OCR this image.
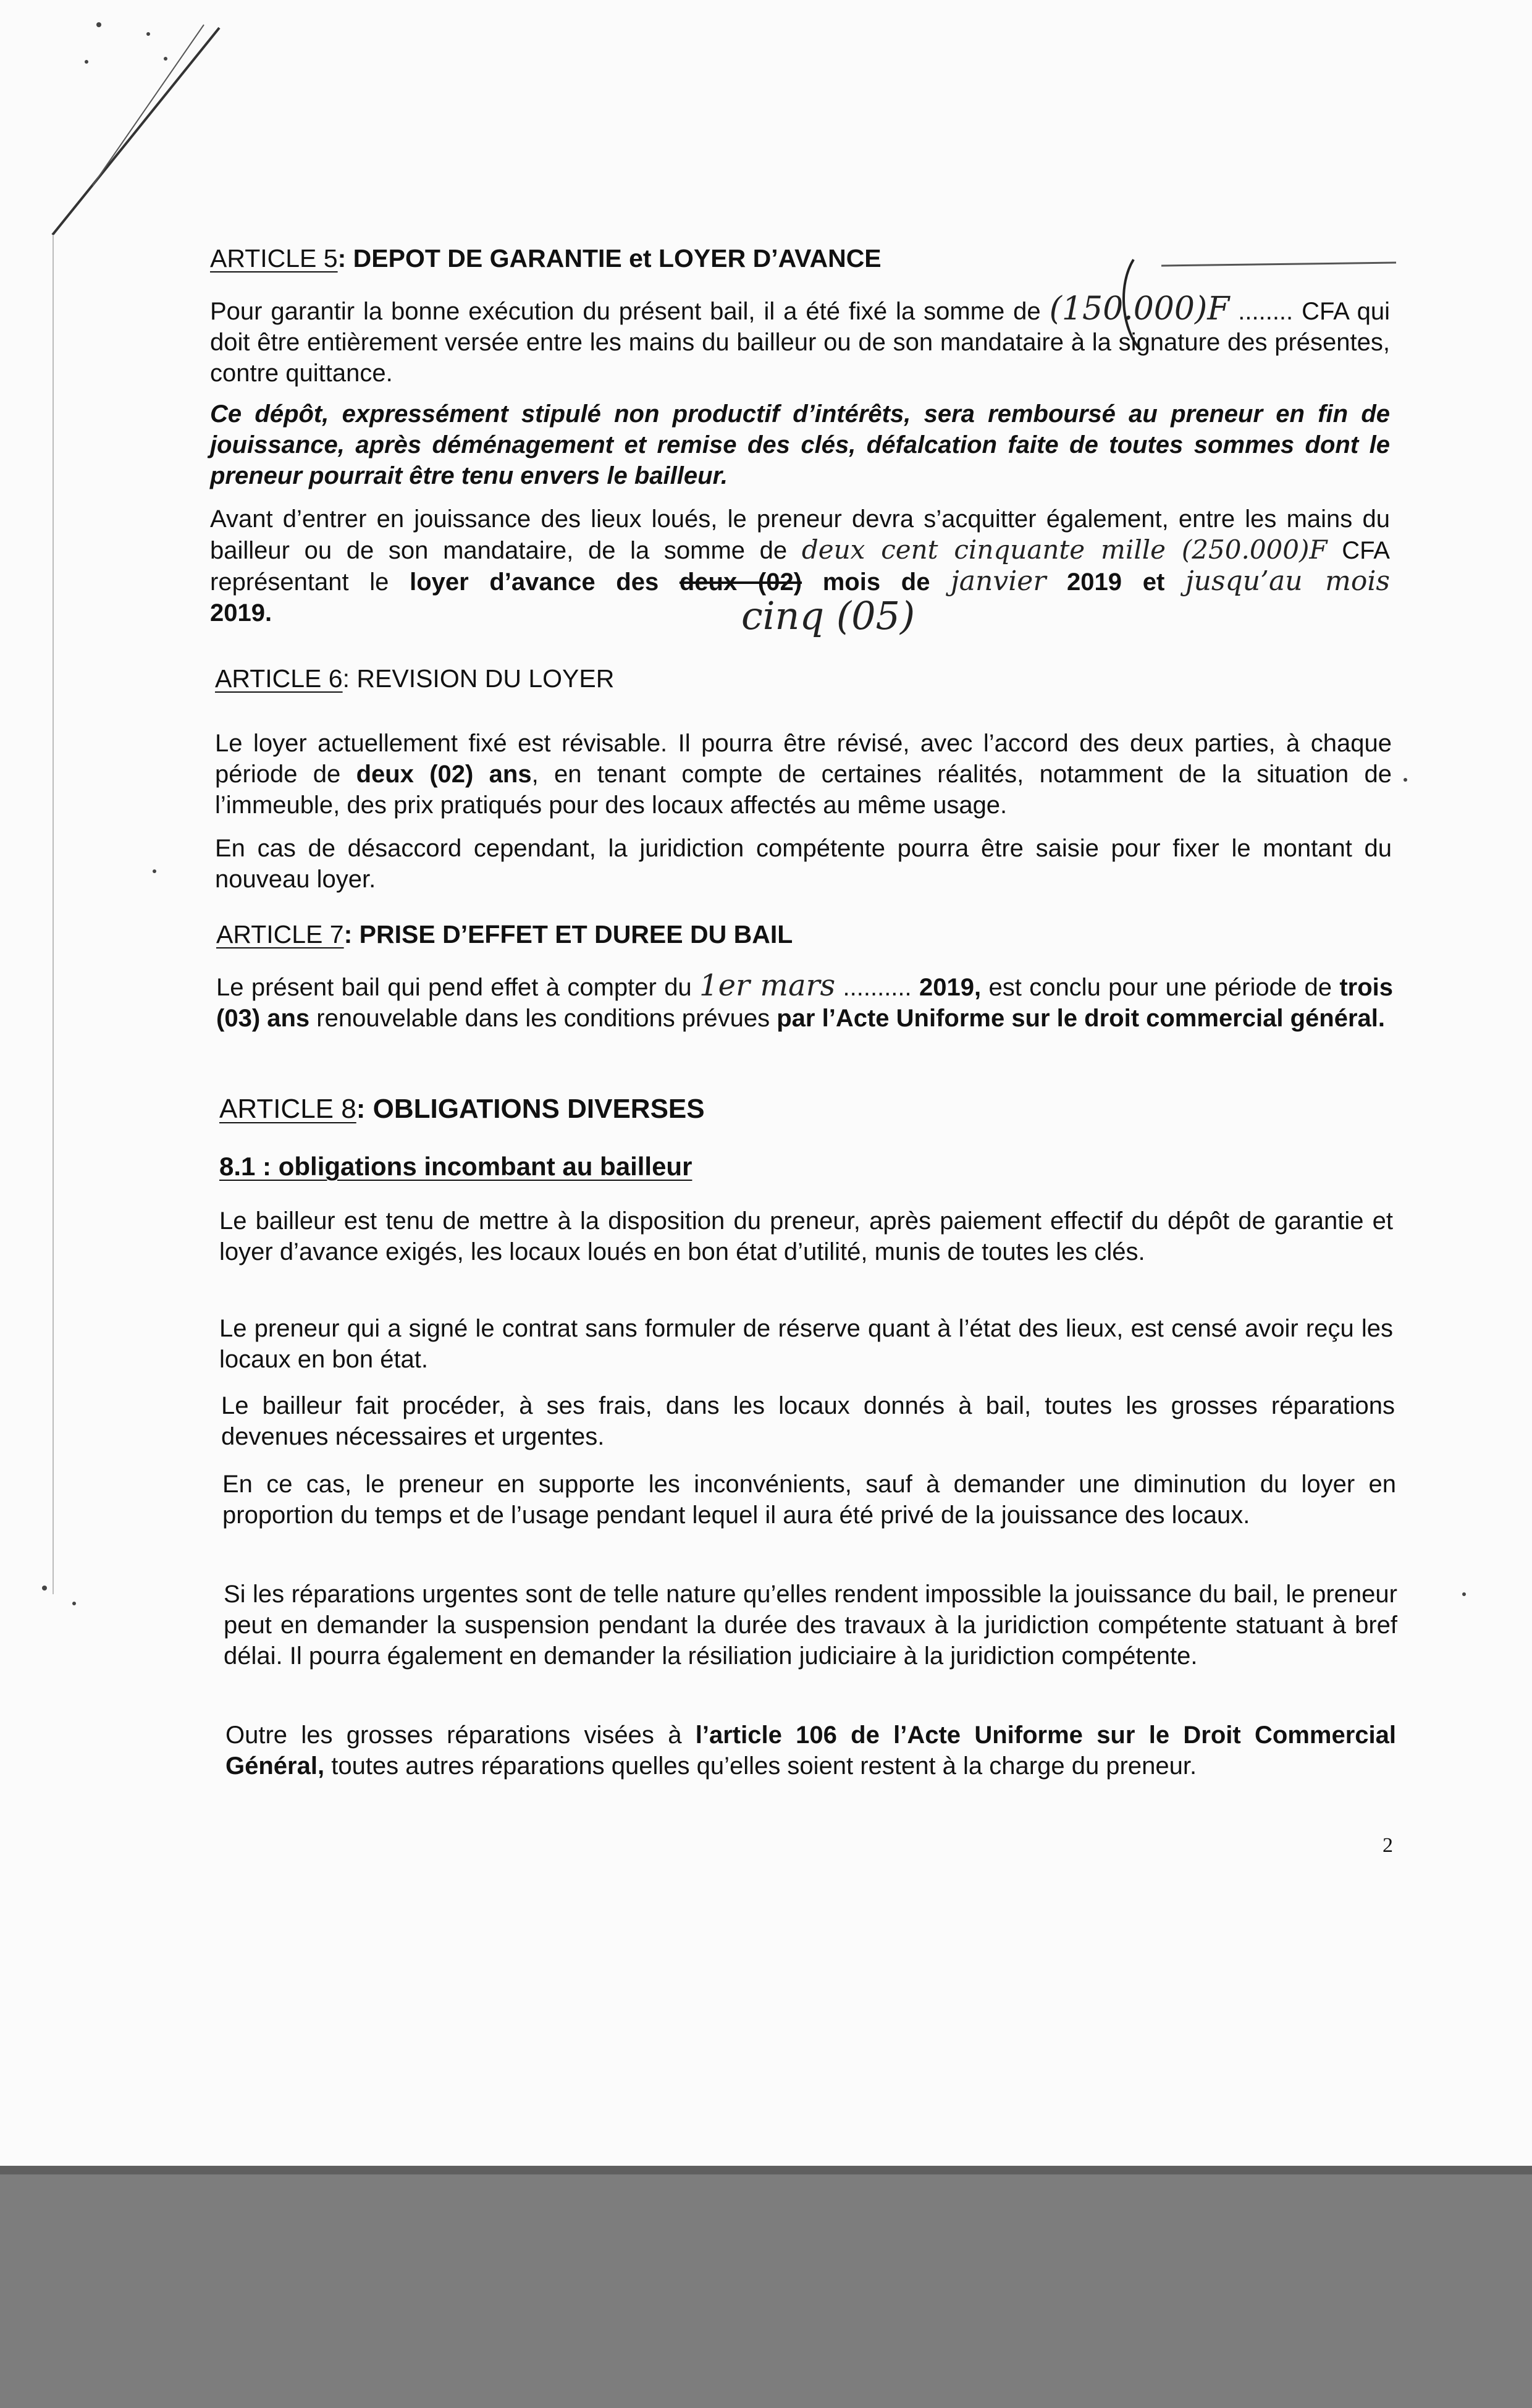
ARTICLE 5: DEPOT DE GARANTIE et LOYER D’AVANCE

Pour garantir la bonne exécution du présent bail, il a été fixé la somme de (150.000)F ........ CFA qui doit être entièrement versée entre les mains du bailleur ou de son mandataire à la signature des présentes, contre quittance.

Ce dépôt, expressément stipulé non productif d’intérêts, sera remboursé au preneur en fin de jouissance, après déménagement et remise des clés, défalcation faite de toutes sommes dont le preneur pourrait être tenu envers le bailleur.

Avant d’entrer en jouissance des lieux loués, le preneur devra s’acquitter également, entre les mains du bailleur ou de son mandataire, de la somme de deux cent cinquante mille (250.000)F CFA représentant le loyer d’avance des deux (02) mois de janvier 2019 et jusqu’au mois 2019.	cinq (05)
ARTICLE 6: REVISION DU LOYER

Le loyer actuellement fixé est révisable. Il pourra être révisé, avec l’accord des deux parties, à chaque période de deux (02) ans, en tenant compte de certaines réalités, notamment de la situation de l’immeuble, des prix pratiqués pour des locaux affectés au même usage.

En cas de désaccord cependant, la juridiction compétente pourra être saisie pour fixer le montant du nouveau loyer.

ARTICLE 7: PRISE D’EFFET ET DUREE DU BAIL

Le présent bail qui pend effet à compter du 1er mars .......... 2019, est conclu pour une période de trois (03) ans renouvelable dans les conditions prévues par l’Acte Uniforme sur le droit commercial général.

ARTICLE 8: OBLIGATIONS DIVERSES
8.1 : obligations incombant au bailleur

Le bailleur est tenu de mettre à la disposition du preneur, après paiement effectif du dépôt de garantie et loyer d’avance exigés, les locaux loués en bon état d’utilité, munis de toutes les clés.

Le preneur qui a signé le contrat sans formuler de réserve quant à l’état des lieux, est censé avoir reçu les locaux en bon état.

Le bailleur fait procéder, à ses frais, dans les locaux donnés à bail, toutes les grosses réparations devenues nécessaires et urgentes.

En ce cas, le preneur en supporte les inconvénients, sauf à demander une diminution du loyer en proportion du temps et de l’usage pendant lequel il aura été privé de la jouissance des locaux.

Si les réparations urgentes sont de telle nature qu’elles rendent impossible la jouissance du bail, le preneur peut en demander la suspension pendant la durée des travaux à la juridiction compétente statuant à bref délai. Il pourra également en demander la résiliation judiciaire à la juridiction compétente.

Outre les grosses réparations visées à l’article 106 de l’Acte Uniforme sur le Droit Commercial Général, toutes autres réparations quelles qu’elles soient restent à la charge du preneur.

2
